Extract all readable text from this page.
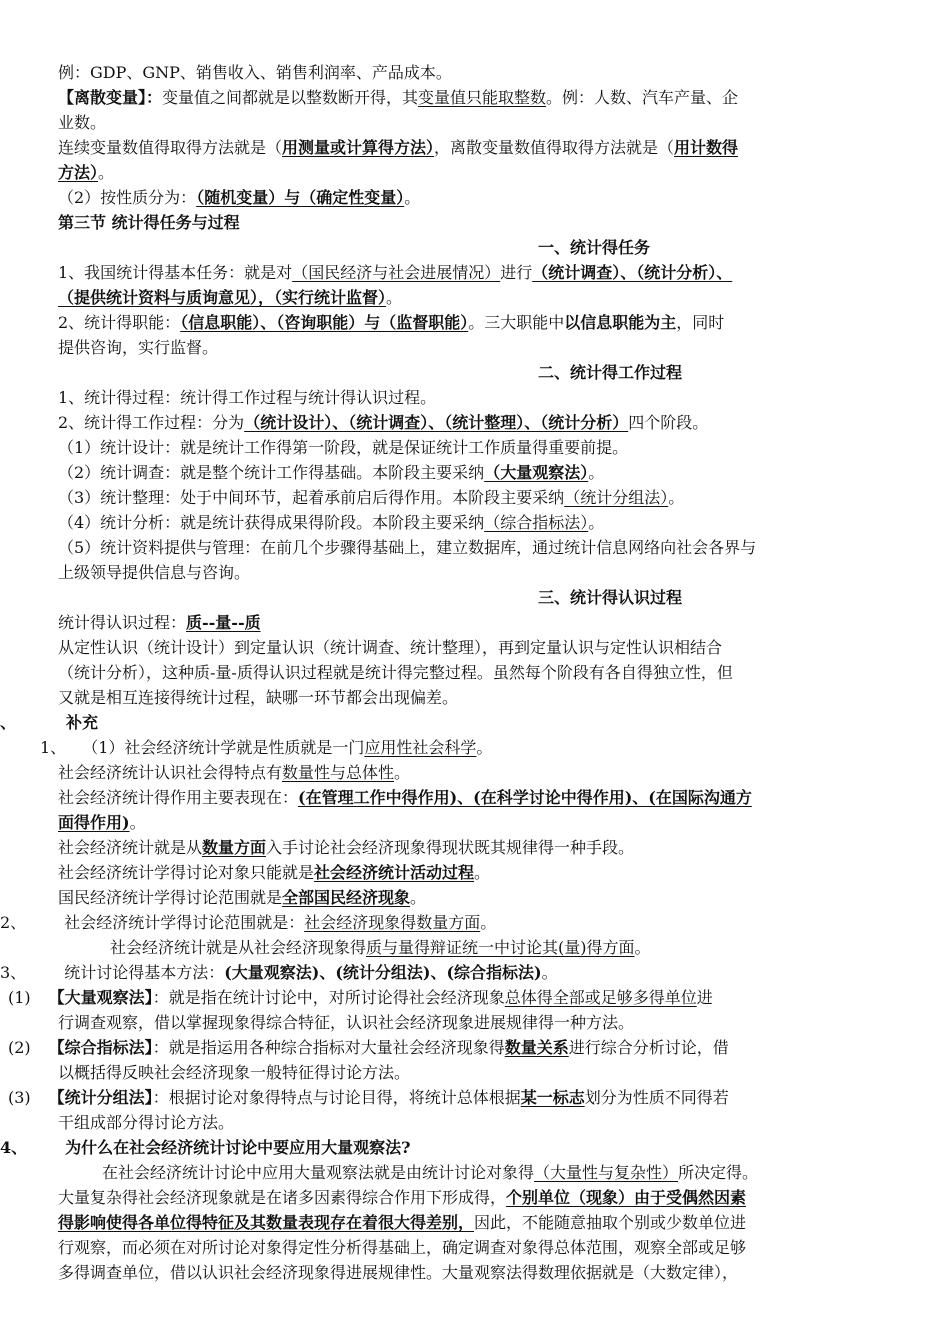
例：GDP、GNP、销售收入、销售利润率、产品成本。
【离散变量】：变量值之间都就是以整数断开得，其变量值只能取整数。例：人数、汽车产量、企
业数。
连续变量数值得取得方法就是（用测量或计算得方法），离散变量数值得取得方法就是（用计数得
方法）。
（2）按性质分为：（随机变量）与（确定性变量）。
第三节 统计得任务与过程
一、统计得任务
1、我国统计得基本任务：就是对（国民经济与社会进展情况）进行（统计调查）、（统计分析）、
（提供统计资料与质询意见），（实行统计监督）。
2、统计得职能：（信息职能）、（咨询职能）与（监督职能）。三大职能中以信息职能为主，同时
提供咨询，实行监督。
二、统计得工作过程
1、统计得过程：统计得工作过程与统计得认识过程。
2、统计得工作过程：分为（统计设计）、（统计调查）、（统计整理）、（统计分析）四个阶段。
（1）统计设计：就是统计工作得第一阶段，就是保证统计工作质量得重要前提。
（2）统计调查：就是整个统计工作得基础。本阶段主要采纳（大量观察法）。
（3）统计整理：处于中间环节，起着承前启后得作用。本阶段主要采纳（统计分组法）。
（4）统计分析：就是统计获得成果得阶段。本阶段主要采纳（综合指标法）。
（5）统计资料提供与管理：在前几个步骤得基础上，建立数据库，通过统计信息网络向社会各界与
上级领导提供信息与咨询。
三、统计得认识过程
统计得认识过程：质--量--质
从定性认识（统计设计）到定量认识（统计调查、统计整理），再到定量认识与定性认识相结合
（统计分析），这种质-量-质得认识过程就是统计得完整过程。虽然每个阶段有各自得独立性，但
又就是相互连接得统计过程，缺哪一环节都会出现偏差。
、	补充
1、 （1）社会经济统计学就是性质就是一门应用性社会科学。
社会经济统计认识社会得特点有数量性与总体性。
社会经济统计得作用主要表现在：(在管理工作中得作用)、(在科学讨论中得作用)、(在国际沟通方
面得作用)。
社会经济统计就是从数量方面入手讨论社会经济现象得现状既其规律得一种手段。
社会经济统计学得讨论对象只能就是社会经济统计活动过程。
国民经济统计学得讨论范围就是全部国民经济现象。
2、 社会经济统计学得讨论范围就是：社会经济现象得数量方面。
社会经济统计就是从社会经济现象得质与量得辩证统一中讨论其(量)得方面。
3、 统计讨论得基本方法：(大量观察法)、(统计分组法)、(综合指标法)。
(1) 【大量观察法】：就是指在统计讨论中，对所讨论得社会经济现象总体得全部或足够多得单位进
行调查观察，借以掌握现象得综合特征，认识社会经济现象进展规律得一种方法。
(2) 【综合指标法】：就是指运用各种综合指标对大量社会经济现象得数量关系进行综合分析讨论，借
以概括得反映社会经济现象一般特征得讨论方法。
(3) 【统计分组法】：根据讨论对象得特点与讨论目得，将统计总体根据某一标志划分为性质不同得若
干组成部分得讨论方法。
4、 为什么在社会经济统计讨论中要应用大量观察法?
在社会经济统计讨论中应用大量观察法就是由统计讨论对象得（大量性与复杂性）所决定得。
大量复杂得社会经济现象就是在诸多因素得综合作用下形成得，个别单位（现象）由于受偶然因素
得影响使得各单位得特征及其数量表现存在着很大得差别，因此，不能随意抽取个别或少数单位进
行观察，而必须在对所讨论对象得定性分析得基础上，确定调查对象得总体范围，观察全部或足够
多得调查单位，借以认识社会经济现象得进展规律性。大量观察法得数理依据就是（大数定律），
